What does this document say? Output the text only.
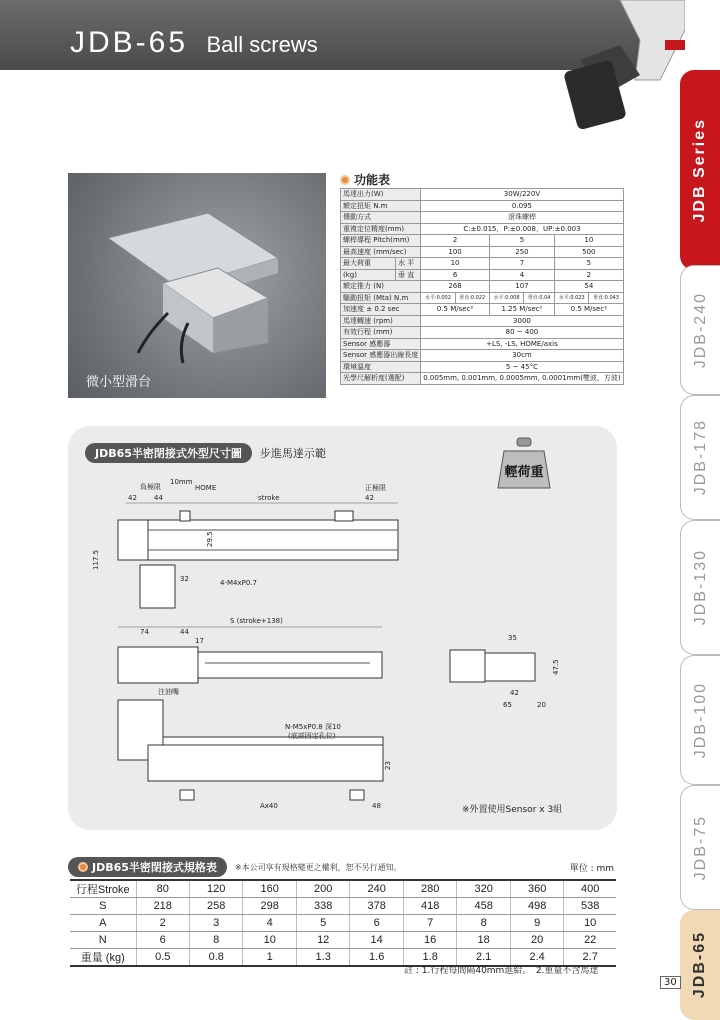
JDB-65 Ball screws
JDB Series
JDB-240
JDB-178
JDB-130
JDB-100
JDB-75
JDB-65
微小型滑台
功能表
馬達出力(W)		30W/220V					
額定扭矩 N.m		0.095					
傳動方式		滾珠螺桿					
重複定位精度(mm)		C:±0.015，P:±0.008，UP:±0.003					
螺桿導程 Pitch(mm)		2		5		10	
最高速度 (mm/sec)		100		250		500	
最大荷重	水 平	10		7		5	
(kg)	垂 直	6		4		2	
額定推力 (N)		268		107		54	
驅動扭矩 (Mta) N.m		水平:0.002	垂直:0.022	水平:0.008	垂直:0.04	水平:0.023	垂直:0.043
加速度 ± 0.2 sec		0.5 M/sec²		1.25 M/sec²		0.5 M/sec²	
馬達轉速 (rpm)		3000					
有效行程 (mm)		80 ~ 400					
Sensor 感應器		+LS, -LS, HOME/axis					
Sensor 感應器出線長度		30cm					
環境溫度		5 ~ 45°C					
光學尺解析度(選配)		0.005mm, 0.001mm, 0.0005mm, 0.0001mm(雙波，方波)					
JDB65半密閉接式外型尺寸圖	步進馬達示範
輕荷重
42 44	stroke	42
負極限
10mm
HOME	正極限
117.5
29.5
32	4-M4xP0.7
S (stroke+138)
74	44
17
注油嘴
35
47.5
42
65	20
N-M5xP0.8 深10
(底部固定孔位)
23
Ax40	48	※外置使用Sensor x 3組
JDB65半密閉接式規格表 ※本公司享有規格變更之權利，恕不另行通知。	單位 : mm
行程Stroke	80	120	160	200	240	280	320	360	400
S	218	258	298	338	378	418	458	498	538
A	2	3	4	5	6	7	8	9	10
N	6	8	10	12	14	16	18	20	22
重量 (kg)	0.5	0.8	1	1.3	1.6	1.8	2.1	2.4	2.7
註 : 1.行程每間隔40mm進給。　2.重量不含馬達
30
